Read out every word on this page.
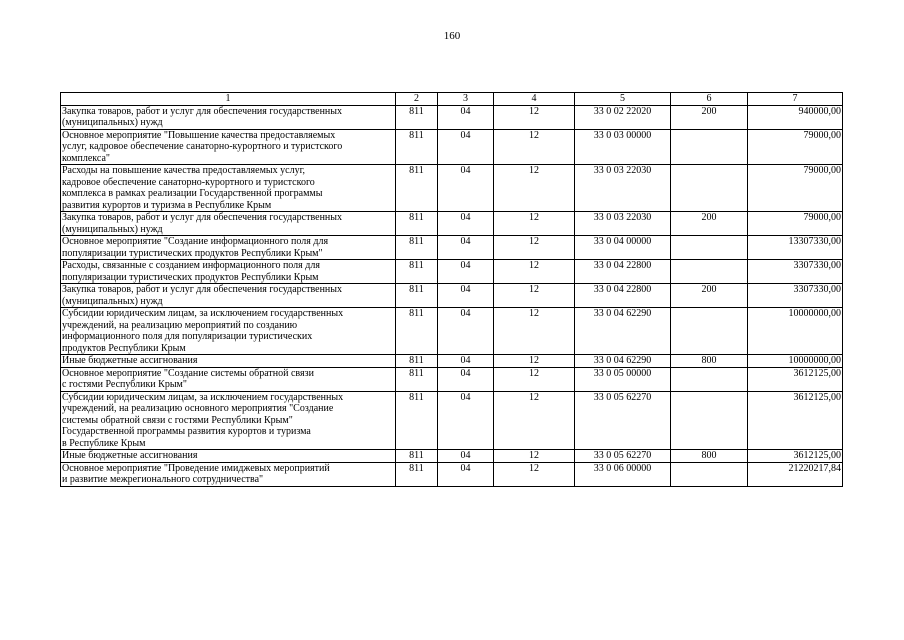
160
1	2	3	4	5	6	7

Закупка товаров, работ и услуг для обеспечения государственных
(муниципальных) нужд	811	04	12	33 0 02 22020	200	940000,00

Основное мероприятие "Повышение качества предоставляемых
услуг, кадровое обеспечение санаторно-курортного и туристского
комплекса"	811	04	12	33 0 03 00000		79000,00

Расходы на повышение качества предоставляемых услуг,
кадровое обеспечение санаторно-курортного и туристского
комплекса в рамках реализации Государственной программы
развития курортов и туризма в Республике Крым	811	04	12	33 0 03 22030		79000,00

Закупка товаров, работ и услуг для обеспечения государственных
(муниципальных) нужд	811	04	12	33 0 03 22030	200	79000,00

Основное мероприятие "Создание информационного поля для
популяризации туристических продуктов Республики Крым"	811	04	12	33 0 04 00000		13307330,00

Расходы, связанные с созданием информационного поля для
популяризации туристических продуктов Республики Крым	811	04	12	33 0 04 22800		3307330,00

Закупка товаров, работ и услуг для обеспечения государственных
(муниципальных) нужд	811	04	12	33 0 04 22800	200	3307330,00

Субсидии юридическим лицам, за исключением государственных
учреждений, на реализацию мероприятий по созданию
информационного поля для популяризации туристических
продуктов Республики Крым	811	04	12	33 0 04 62290		10000000,00

Иные бюджетные ассигнования	811	04	12	33 0 04 62290	800	10000000,00

Основное мероприятие "Создание системы обратной связи
с гостями Республики Крым"	811	04	12	33 0 05 00000		3612125,00

Субсидии юридическим лицам, за исключением государственных
учреждений, на реализацию основного мероприятия "Создание
системы обратной связи с гостями Республики Крым"
Государственной программы развития курортов и туризма
в Республике Крым	811	04	12	33 0 05 62270		3612125,00

Иные бюджетные ассигнования	811	04	12	33 0 05 62270	800	3612125,00

Основное мероприятие "Проведение имиджевых мероприятий
и развитие межрегионального сотрудничества"	811	04	12	33 0 06 00000		21220217,84
